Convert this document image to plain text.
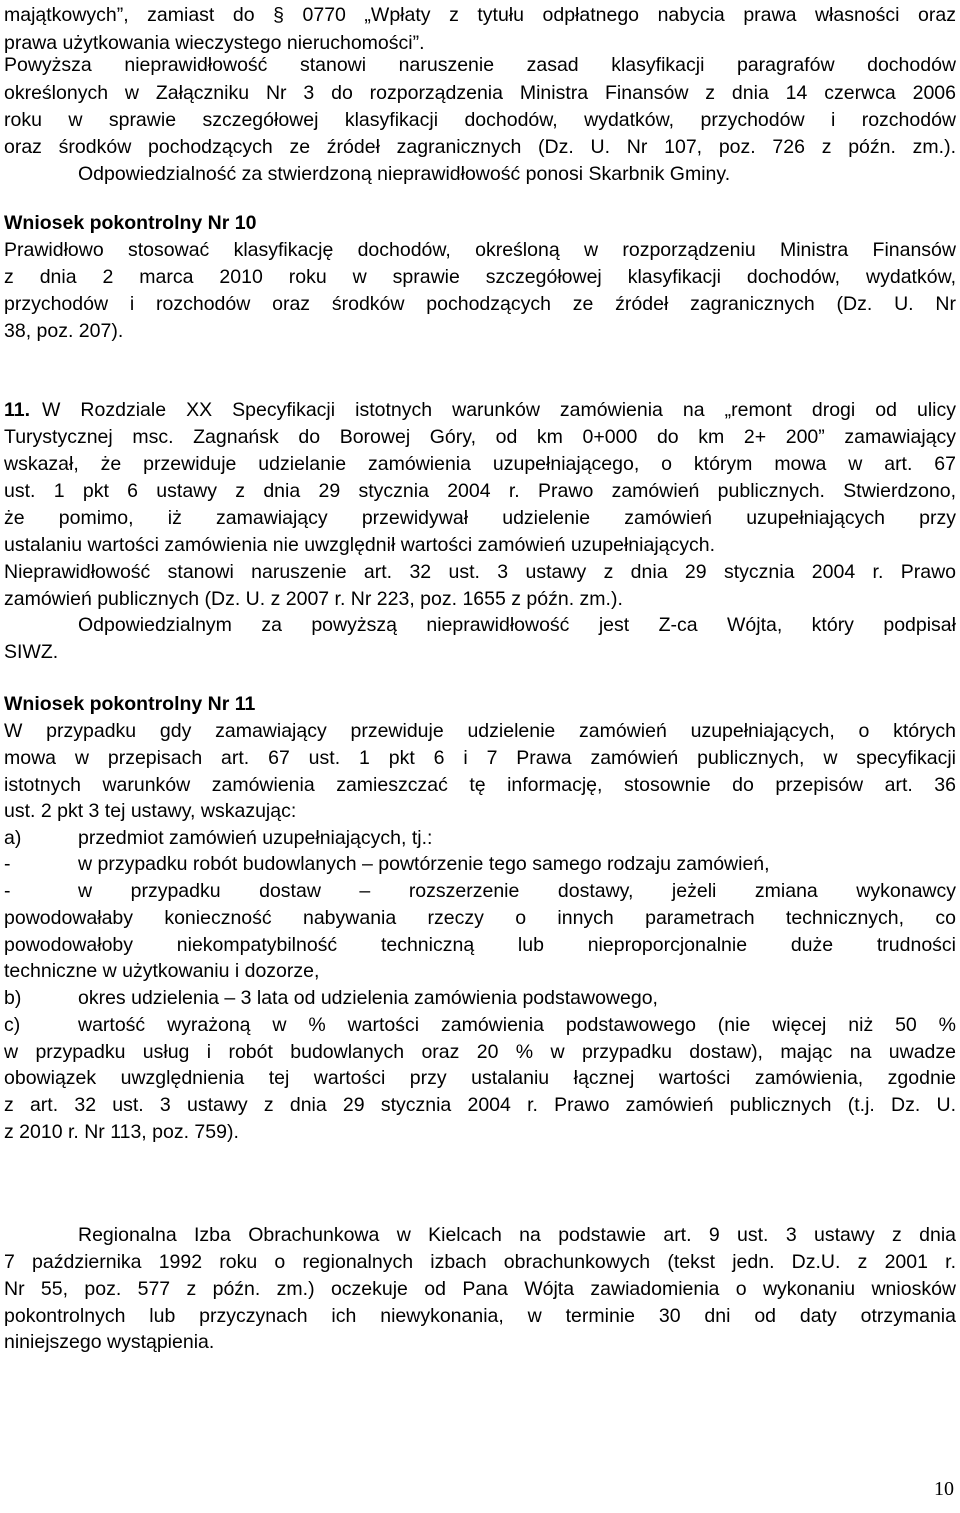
majątkowych”, zamiast do § 0770 „Wpłaty z tytułu odpłatnego nabycia prawa własności oraz
prawa użytkowania wieczystego nieruchomości”.
Powyższa nieprawidłowość stanowi naruszenie zasad klasyfikacji paragrafów dochodów
określonych w Załączniku Nr 3 do rozporządzenia Ministra Finansów z dnia 14 czerwca 2006
roku w sprawie szczegółowej klasyfikacji dochodów, wydatków, przychodów i rozchodów
oraz środków pochodzących ze źródeł zagranicznych (Dz. U. Nr 107, poz. 726 z późn. zm.).
Odpowiedzialność za stwierdzoną nieprawidłowość ponosi Skarbnik Gminy.
Wniosek pokontrolny Nr 10
Prawidłowo stosować klasyfikację dochodów, określoną w rozporządzeniu Ministra Finansów
z dnia 2 marca 2010 roku w sprawie szczegółowej klasyfikacji dochodów, wydatków,
przychodów i rozchodów oraz środków pochodzących ze źródeł zagranicznych (Dz. U. Nr
38, poz. 207).
11. W Rozdziale XX Specyfikacji istotnych warunków zamówienia na „remont drogi od ulicy
Turystycznej msc. Zagnańsk do Borowej Góry, od km 0+000 do km 2+ 200” zamawiający
wskazał, że przewiduje udzielanie zamówienia uzupełniającego, o którym mowa w art. 67
ust. 1 pkt 6 ustawy z dnia 29 stycznia 2004 r. Prawo zamówień publicznych. Stwierdzono,
że pomimo, iż zamawiający przewidywał udzielenie zamówień uzupełniających przy
ustalaniu wartości zamówienia nie uwzględnił wartości zamówień uzupełniających.
Nieprawidłowość stanowi naruszenie art. 32 ust. 3 ustawy z dnia 29 stycznia 2004 r. Prawo
zamówień publicznych (Dz. U. z 2007 r. Nr 223, poz. 1655 z późn. zm.).
Odpowiedzialnym za powyższą nieprawidłowość jest Z-ca Wójta, który podpisał
SIWZ.
Wniosek pokontrolny Nr 11
W przypadku gdy zamawiający przewiduje udzielenie zamówień uzupełniających, o których
mowa w przepisach art. 67 ust. 1 pkt 6 i 7 Prawa zamówień publicznych, w specyfikacji
istotnych warunków zamówienia zamieszczać tę informację, stosownie do przepisów art. 36
ust. 2 pkt 3 tej ustawy, wskazując:
a)	przedmiot zamówień uzupełniających, tj.:
-	w przypadku robót budowlanych – powtórzenie tego samego rodzaju zamówień,
-	w przypadku dostaw – rozszerzenie dostawy, jeżeli zmiana wykonawcy
powodowałaby konieczność nabywania rzeczy o innych parametrach technicznych, co
powodowałoby niekompatybilność techniczną lub nieproporcjonalnie duże trudności
techniczne w użytkowaniu i dozorze,
b)	okres udzielenia – 3 lata od udzielenia zamówienia podstawowego,
c)	wartość wyrażoną w % wartości zamówienia podstawowego (nie więcej niż 50 %
w przypadku usług i robót budowlanych oraz 20 % w przypadku dostaw), mając na uwadze
obowiązek uwzględnienia tej wartości przy ustalaniu łącznej wartości zamówienia, zgodnie
z art. 32 ust. 3 ustawy z dnia 29 stycznia 2004 r. Prawo zamówień publicznych (t.j. Dz. U.
z 2010 r. Nr 113, poz. 759).
Regionalna Izba Obrachunkowa w Kielcach na podstawie art. 9 ust. 3 ustawy z dnia
7 października 1992 roku o regionalnych izbach obrachunkowych (tekst jedn. Dz.U. z 2001 r.
Nr 55, poz. 577 z późn. zm.) oczekuje od Pana Wójta zawiadomienia o wykonaniu wniosków
pokontrolnych lub przyczynach ich niewykonania, w terminie 30 dni od daty otrzymania
niniejszego wystąpienia.
10
